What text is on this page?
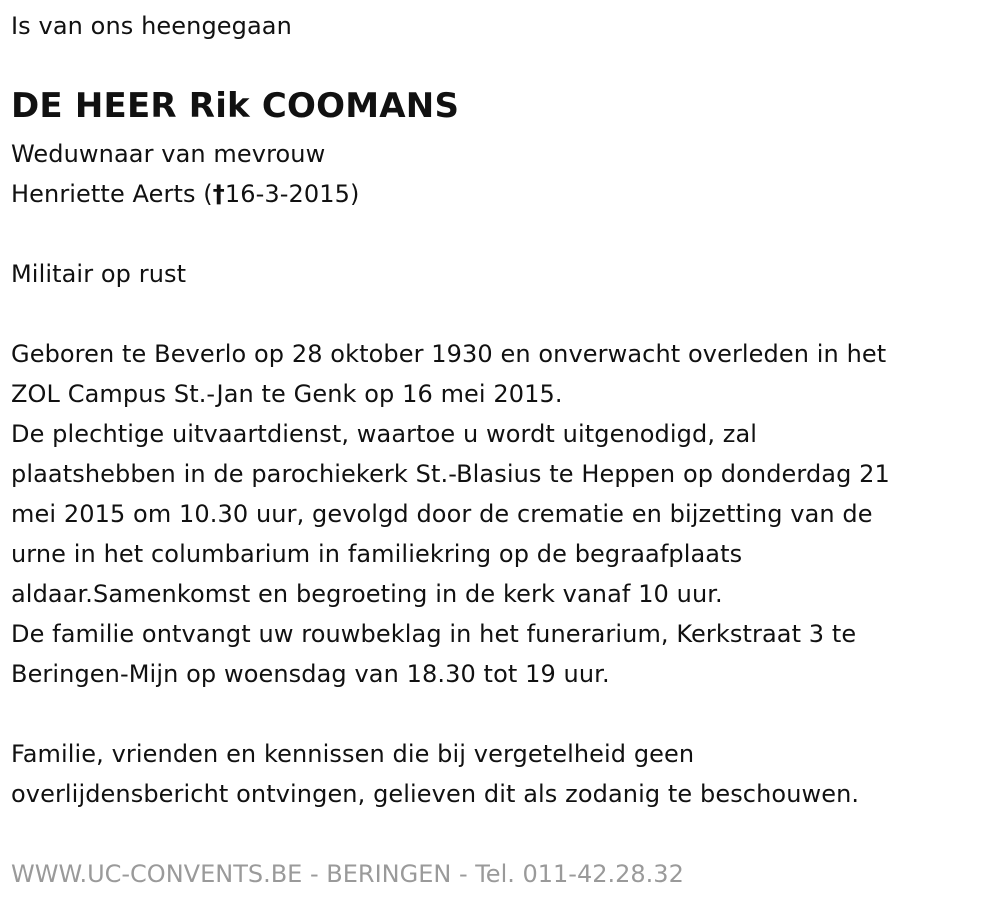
Is van ons heengegaan
DE HEER Rik COOMANS
Weduwnaar van mevrouw
Henriette Aerts (†16-3-2015)
Militair op rust
Geboren te Beverlo op 28 oktober 1930 en onverwacht overleden in het
ZOL Campus St.-Jan te Genk op 16 mei 2015.
De plechtige uitvaartdienst, waartoe u wordt uitgenodigd, zal
plaatshebben in de parochiekerk St.-Blasius te Heppen op donderdag 21
mei 2015 om 10.30 uur, gevolgd door de crematie en bijzetting van de
urne in het columbarium in familiekring op de begraafplaats
aldaar.Samenkomst en begroeting in de kerk vanaf 10 uur.
De familie ontvangt uw rouwbeklag in het funerarium, Kerkstraat 3 te
Beringen-Mijn op woensdag van 18.30 tot 19 uur.
Familie, vrienden en kennissen die bij vergetelheid geen
overlijdensbericht ontvingen, gelieven dit als zodanig te beschouwen.
WWW.UC-CONVENTS.BE - BERINGEN - Tel. 011-42.28.32
